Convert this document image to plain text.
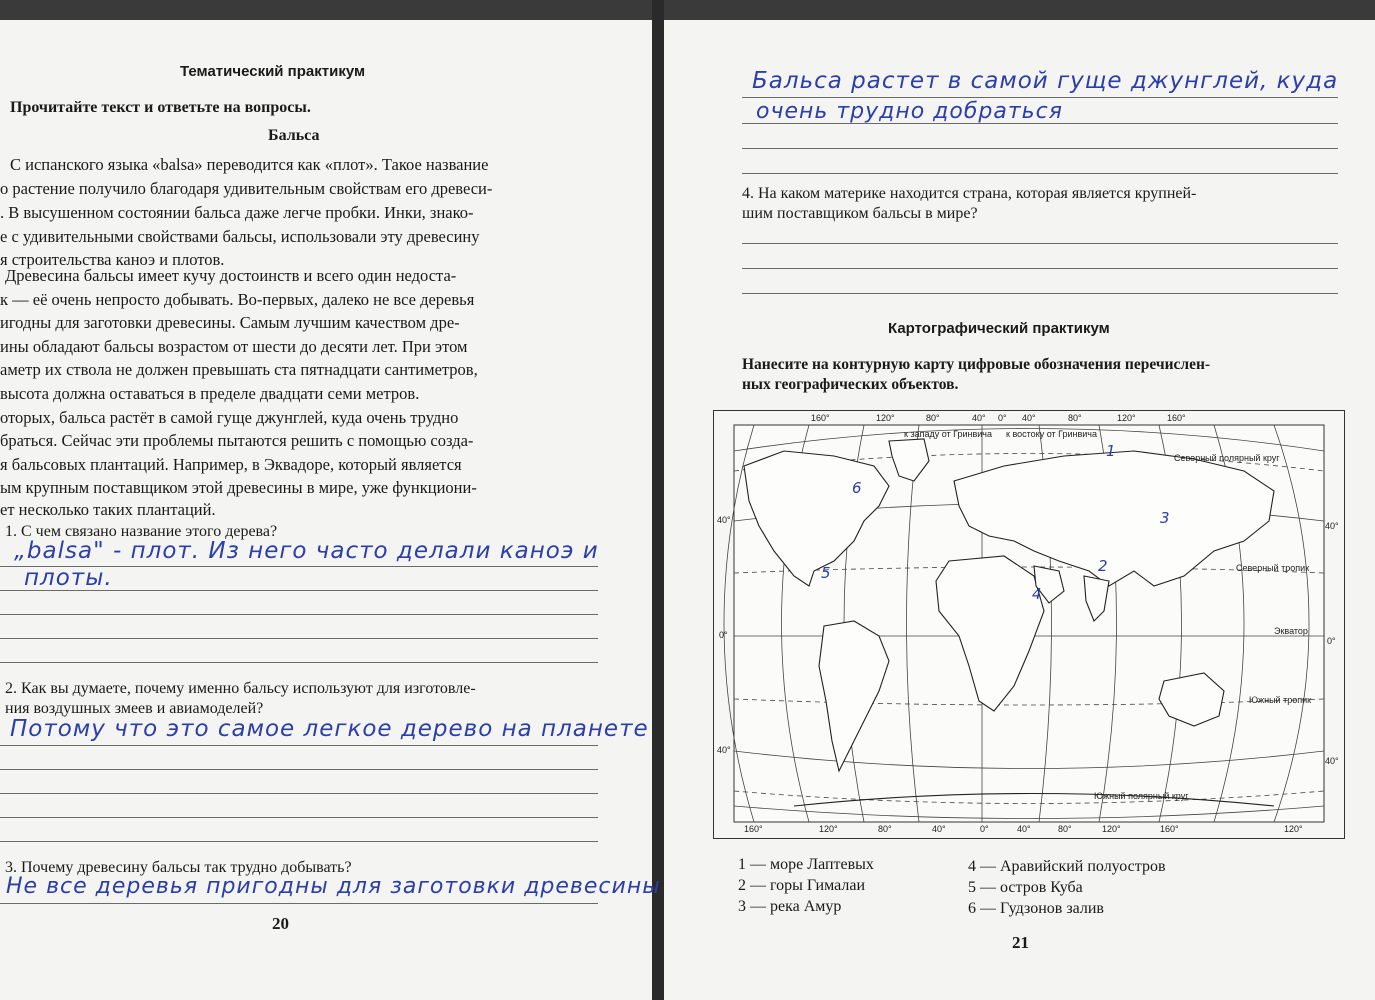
Тематический практикум
Прочитайте текст и ответьте на вопросы.
Бальса
С испанского языка «balsa» переводится как «плот». Такое название
о растение получило благодаря удивительным свойствам его древеси-
. В высушенном состоянии бальса даже легче пробки. Инки, знако-
е с удивительными свойствами бальсы, использовали эту древесину
я строительства каноэ и плотов.
Древесина бальсы имеет кучу достоинств и всего один недоста-
к — её очень непросто добывать. Во-первых, далеко не все деревья
игодны для заготовки древесины. Самым лучшим качеством дре-
ины обладают бальсы возрастом от шести до десяти лет. При этом
аметр их ствола не должен превышать ста пятнадцати сантиметров,
высота должна оставаться в пределе двадцати семи метров.
оторых, бальса растёт в самой гуще джунглей, куда очень трудно
браться. Сейчас эти проблемы пытаются решить с помощью созда-
я бальсовых плантаций. Например, в Эквадоре, который является
ым крупным поставщиком этой древесины в мире, уже функциони-
ет несколько таких плантаций.
1. С чем связано название этого дерева?
„balsa" - плот. Из него часто делали каноэ и
плоты.
2. Как вы думаете, почему именно бальсу используют для изготовле-
ния воздушных змеев и авиамоделей?
Потому что это самое легкое дерево на планете
3. Почему древесину бальсы так трудно добывать?
Не все деревья пригодны для заготовки древесины
20
Бальса растет в самой гуще джунглей, куда
очень трудно добраться
4. На каком материке находится страна, которая является крупней-
шим поставщиком бальсы в мире?
Картографический практикум
Нанесите на контурную карту цифровые обозначения перечислен-
ных географических объектов.
1
2
3
4
5
6
160°	120°	80°	40° 0° 40°	80°	120°	160°
160°	120°	80°	40°	0°	40°	80°	120°	160°	120°
40°
0°
40°
40°
0°
40°
к западу от Гринвича к востоку от Гринвича
Северный полярный круг
Северный тропик
Экватор
Южный тропик
Южный полярный круг
1 — море Лаптевых
2 — горы Гималаи
3 — река Амур
4 — Аравийский полуостров
5 — остров Куба
6 — Гудзонов залив
21
